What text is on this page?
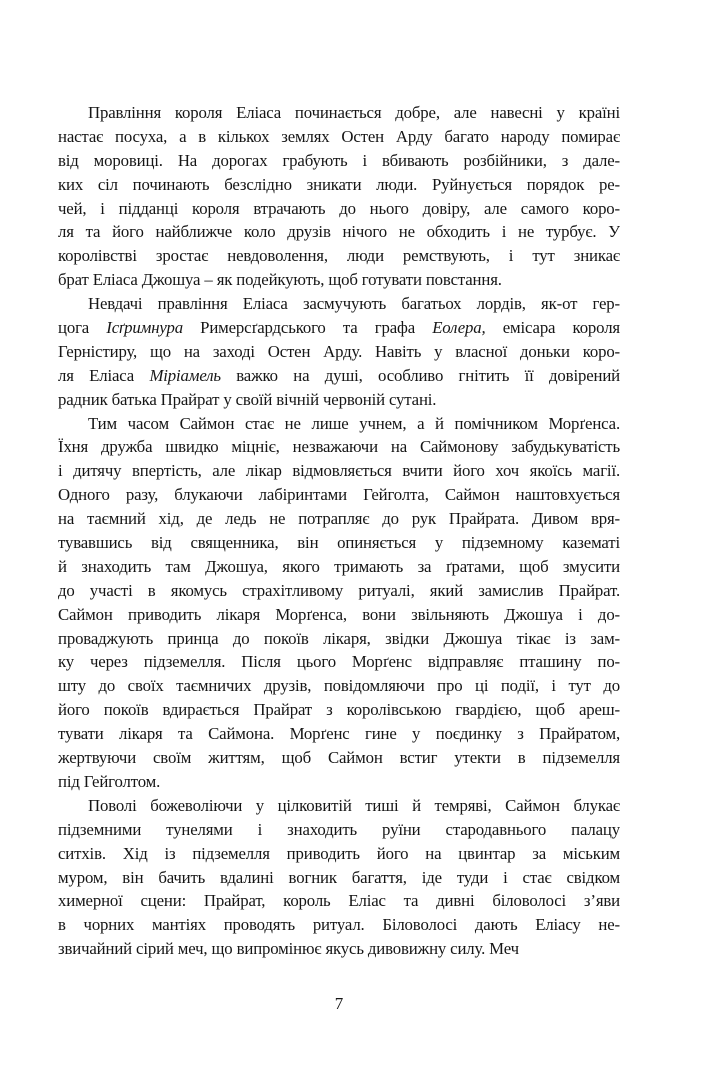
Правління короля Еліаса починається добре, але навесні у країні
настає посуха, а в кількох землях Остен Арду багато народу помирає
від моровиці. На дорогах грабують і вбивають розбійники, з дале-
ких сіл починають безслідно зникати люди. Руйнується порядок ре-
чей, і підданці короля втрачають до нього довіру, але самого коро-
ля та його найближче коло друзів нічого не обходить і не турбує. У
королівстві зростає невдоволення, люди ремствують, і тут зникає
брат Еліаса Джошуа – як подейкують, щоб готувати повстання.
Невдачі правління Еліаса засмучують багатьох лордів, як-от гер-
цога Ісґримнура Римерсґардського та графа Еолера, емісара короля
Герністиру, що на заході Остен Арду. Навіть у власної доньки коро-
ля Еліаса Міріамель важко на душі, особливо гнітить її довірений
радник батька Прайрат у своїй вічній червоній сутані.
Тим часом Саймон стає не лише учнем, а й помічником Морґенса.
Їхня дружба швидко міцніє, незважаючи на Саймонову забудькуватість
і дитячу впертість, але лікар відмовляється вчити його хоч якоїсь магії.
Одного разу, блукаючи лабіринтами Гейголта, Саймон наштовхується
на таємний хід, де ледь не потрапляє до рук Прайрата. Дивом вря-
тувавшись від священника, він опиняється у підземному казематі
й знаходить там Джошуа, якого тримають за ґратами, щоб змусити
до участі в якомусь страхітливому ритуалі, який замислив Прайрат.
Саймон приводить лікаря Морґенса, вони звільняють Джошуа і до-
проваджують принца до покоїв лікаря, звідки Джошуа тікає із зам-
ку через підземелля. Після цього Морґенс відправляє пташину по-
шту до своїх таємничих друзів, повідомляючи про ці події, і тут до
його покоїв вдирається Прайрат з королівською гвардією, щоб ареш-
тувати лікаря та Саймона. Морґенс гине у поєдинку з Прайратом,
жертвуючи своїм життям, щоб Саймон встиг утекти в підземелля
під Гейголтом.
Поволі божеволіючи у цілковитій тиші й темряві, Саймон блукає
підземними тунелями і знаходить руїни стародавнього палацу
ситхів. Хід із підземелля приводить його на цвинтар за міським
муром, він бачить вдалині вогник багаття, іде туди і стає свідком
химерної сцени: Прайрат, король Еліас та дивні біловолосі з’яви
в чорних мантіях проводять ритуал. Біловолосі дають Еліасу не-
звичайний сірий меч, що випромінює якусь дивовижну силу. Меч
7
